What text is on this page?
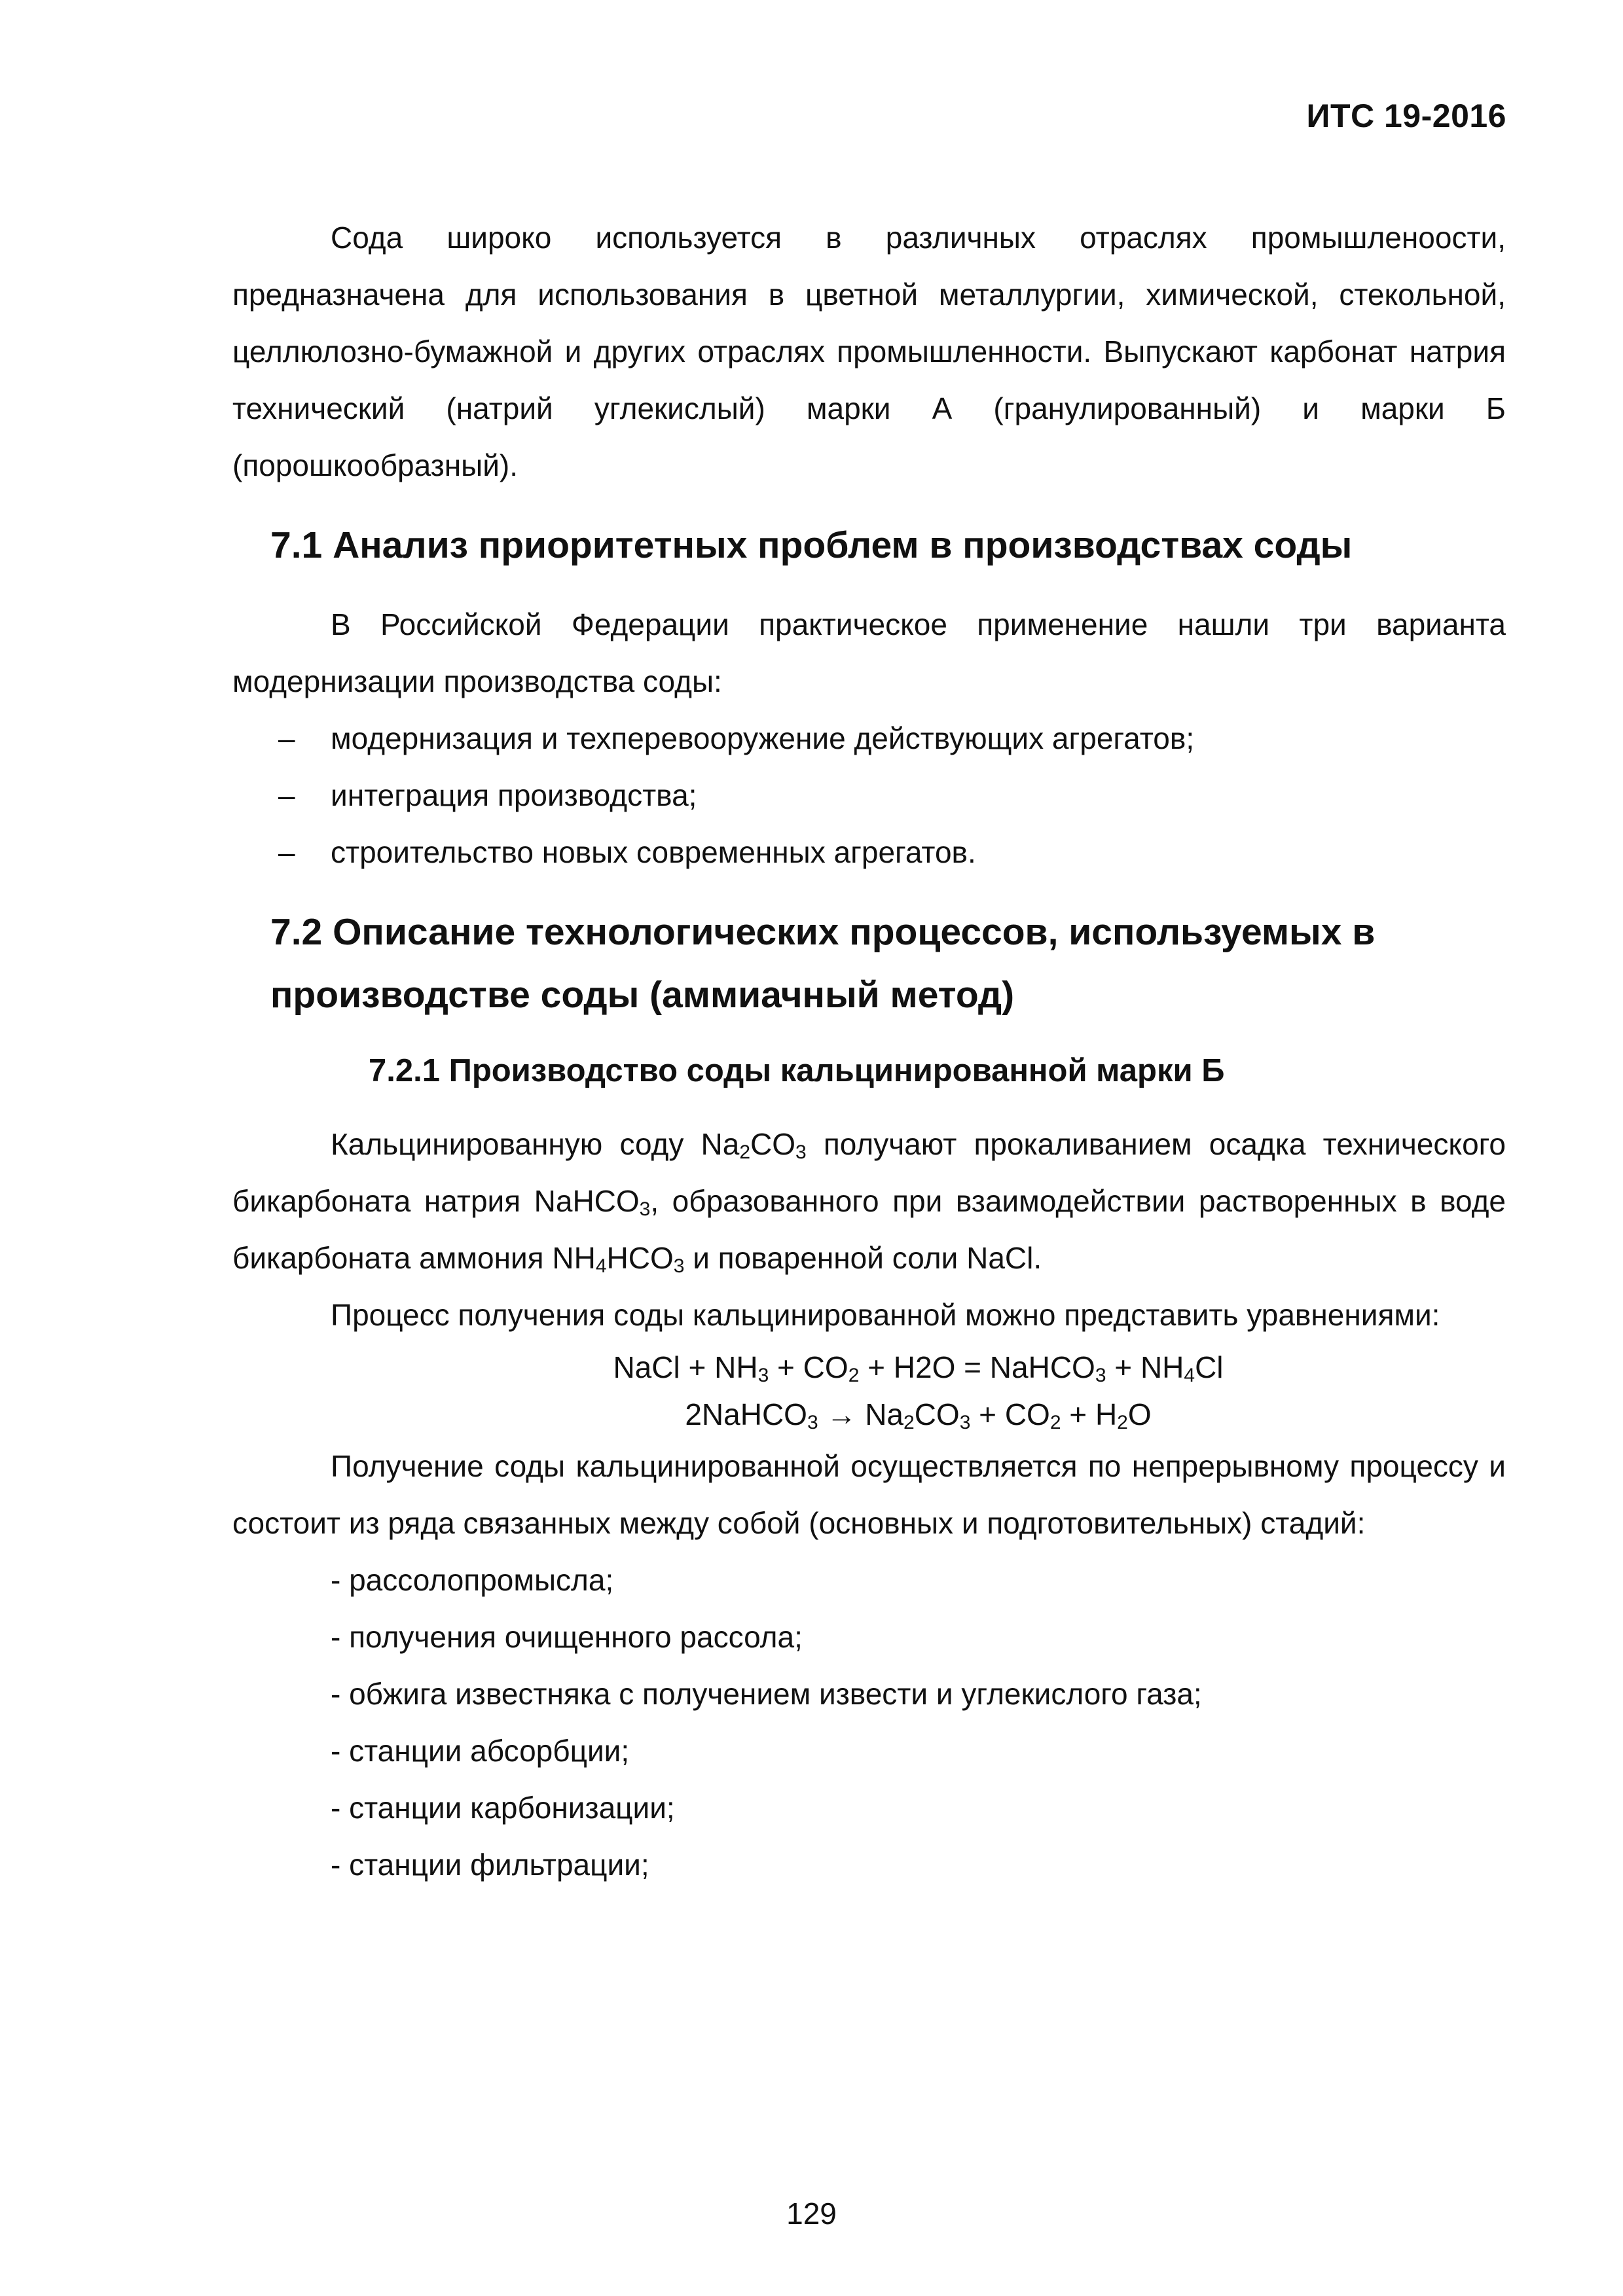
ИТС 19-2016

Сода широко используется в различных отраслях промышленоости, предназначена для использования в цветной металлургии, химической, стекольной, целлюлозно-бумажной и других отраслях промышленности. Выпускают карбонат натрия технический (натрий углекислый) марки А (гранулированный) и марки Б (порошкообразный).

7.1 Анализ приоритетных проблем в производствах соды

В Российской Федерации практическое применение нашли три варианта модернизации производства соды:

– модернизация и техперевооружение действующих агрегатов;
– интеграция производства;
– строительство новых современных агрегатов.
7.2 Описание технологических процессов, используемых в производстве соды (аммиачный метод)
7.2.1 Производство соды кальцинированной марки Б

Кальцинированную соду $Na_2CO_3$ получают прокаливанием осадка технического бикарбоната натрия NaHCO$_3$, образованного при взаимодействии растворенных в воде бикарбоната аммония $NH_4HCO_3$ и поваренной соли NaCl.

Процесс получения соды кальцинированной можно представить уравнениями:

NaCl + $NH_3 + CO_2 + H2O$ = NaHCO$_3$ + $NH_4Cl$

2NaHCO$_3$ → $Na_2CO_3 + CO_2 + H_2O$

Получение соды кальцинированной осуществляется по непрерывному процессу и состоит из ряда связанных между собой (основных и подготовительных) стадий:

- рассолопромысла;
- получения очищенного рассола;
- обжига известняка с получением извести и углекислого газа;
- станции абсорбции;
- станции карбонизации;
- станции фильтрации;
129
